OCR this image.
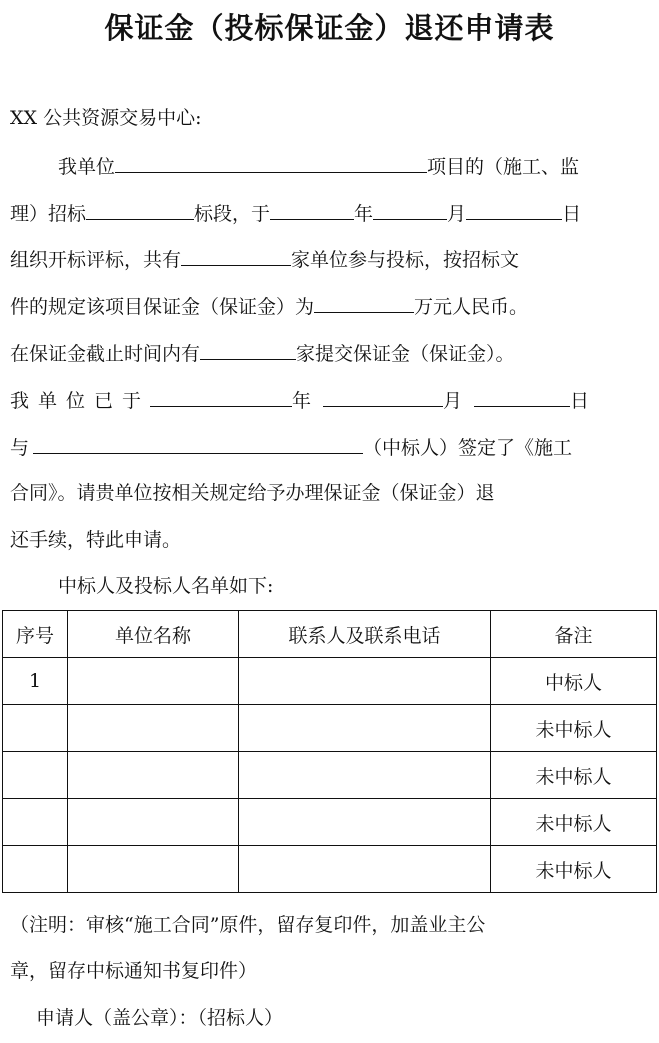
保证金（投标保证金）退还申请表
XX 公共资源交易中心:
我单位	项目的（施工、监
理）招标	标段，于	年	月	日
组织开标评标，共有	家单位参与投标，按招标文
件的规定该项目保证金（保证金）为	万元人民币。
在保证金截止时间内有	家提交保证金（保证金）。
我单位已于	年	月	日
与	（中标人）签定了《施工
合同》。请贵单位按相关规定给予办理保证金（保证金）退
还手续，特此申请。
中标人及投标人名单如下:
序号	单位名称	联系人及联系电话	备注
1			中标人
			未中标人
			未中标人
			未中标人
			未中标人
（注明：审核“施工合同”原件，留存复印件，加盖业主公
章，留存中标通知书复印件）
申请人（盖公章）：（招标人）
